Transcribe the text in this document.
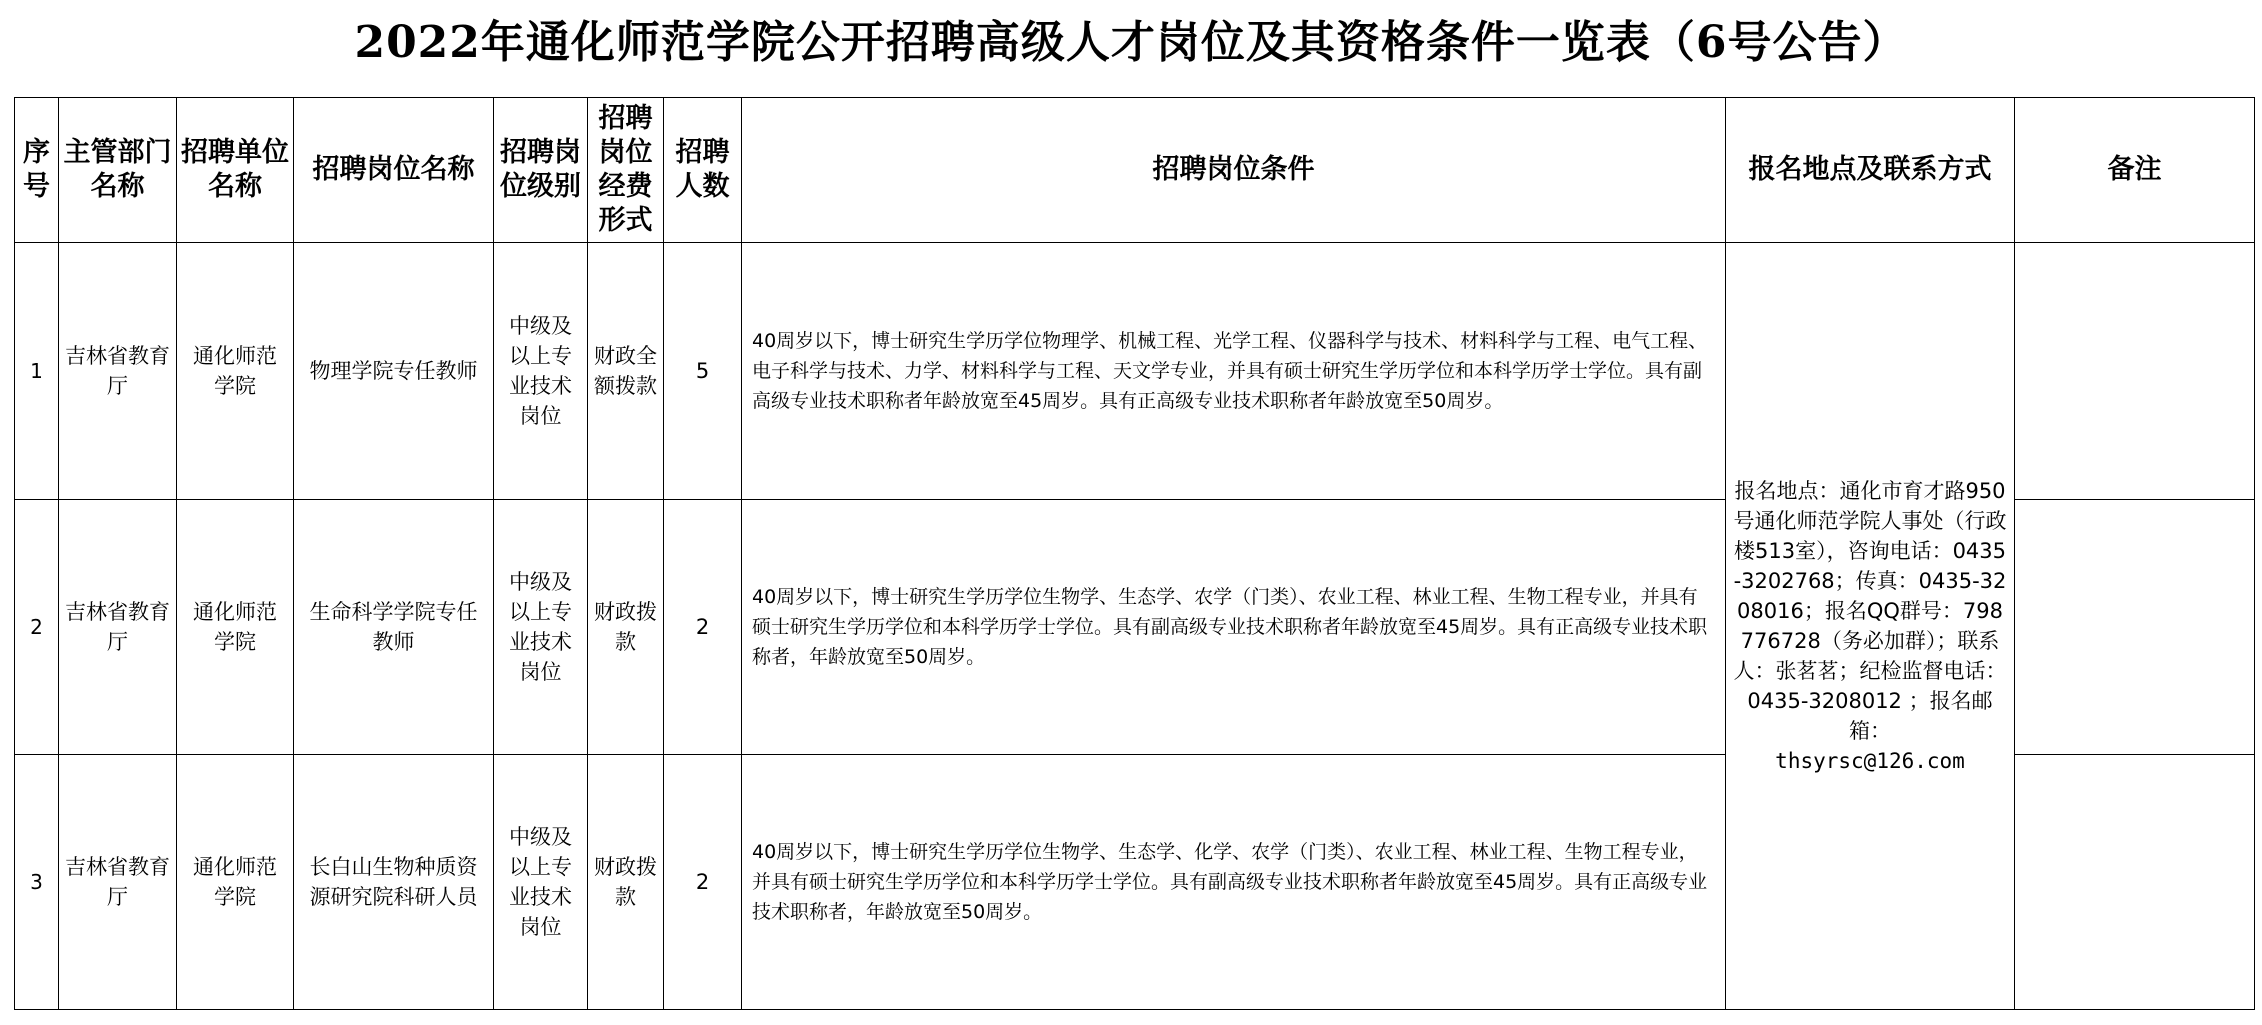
2022年通化师范学院公开招聘高级人才岗位及其资格条件一览表（6号公告）
序号	主管部门名称	招聘单位名称	招聘岗位名称	招聘岗位级别	招聘岗位经费形式	招聘人数	招聘岗位条件	报名地点及联系方式	备注

1	吉林省教育厅	通化师范学院	物理学院专任教师	中级及以上专业技术岗位	财政全额拨款	5	40周岁以下，博士研究生学历学位物理学、机械工程、光学工程、仪器科学与技术、材料科学与工程、电气工程、电子科学与技术、力学、材料科学与工程、天文学专业，并具有硕士研究生学历学位和本科学历学士学位。具有副高级专业技术职称者年龄放宽至45周岁。具有正高级专业技术职称者年龄放宽至50周岁。	报名地点：通化市育才路950号通化师范学院人事处（行政楼513室），咨询电话：0435-3202768；传真：0435-3208016；报名QQ群号：798776728（务必加群）；联系人：张茗茗；纪检监督电话：0435-3208012 ；报名邮箱：
thsyrsc@126.com	

2	吉林省教育厅	通化师范学院	生命科学学院专任教师	中级及以上专业技术岗位	财政拨款	2	40周岁以下，博士研究生学历学位生物学、生态学、农学（门类）、农业工程、林业工程、生物工程专业，并具有硕士研究生学历学位和本科学历学士学位。具有副高级专业技术职称者年龄放宽至45周岁。具有正高级专业技术职称者，年龄放宽至50周岁。		

3	吉林省教育厅	通化师范学院	长白山生物种质资源研究院科研人员	中级及以上专业技术岗位	财政拨款	2	40周岁以下，博士研究生学历学位生物学、生态学、化学、农学（门类）、农业工程、林业工程、生物工程专业，并具有硕士研究生学历学位和本科学历学士学位。具有副高级专业技术职称者年龄放宽至45周岁。具有正高级专业技术职称者，年龄放宽至50周岁。		
